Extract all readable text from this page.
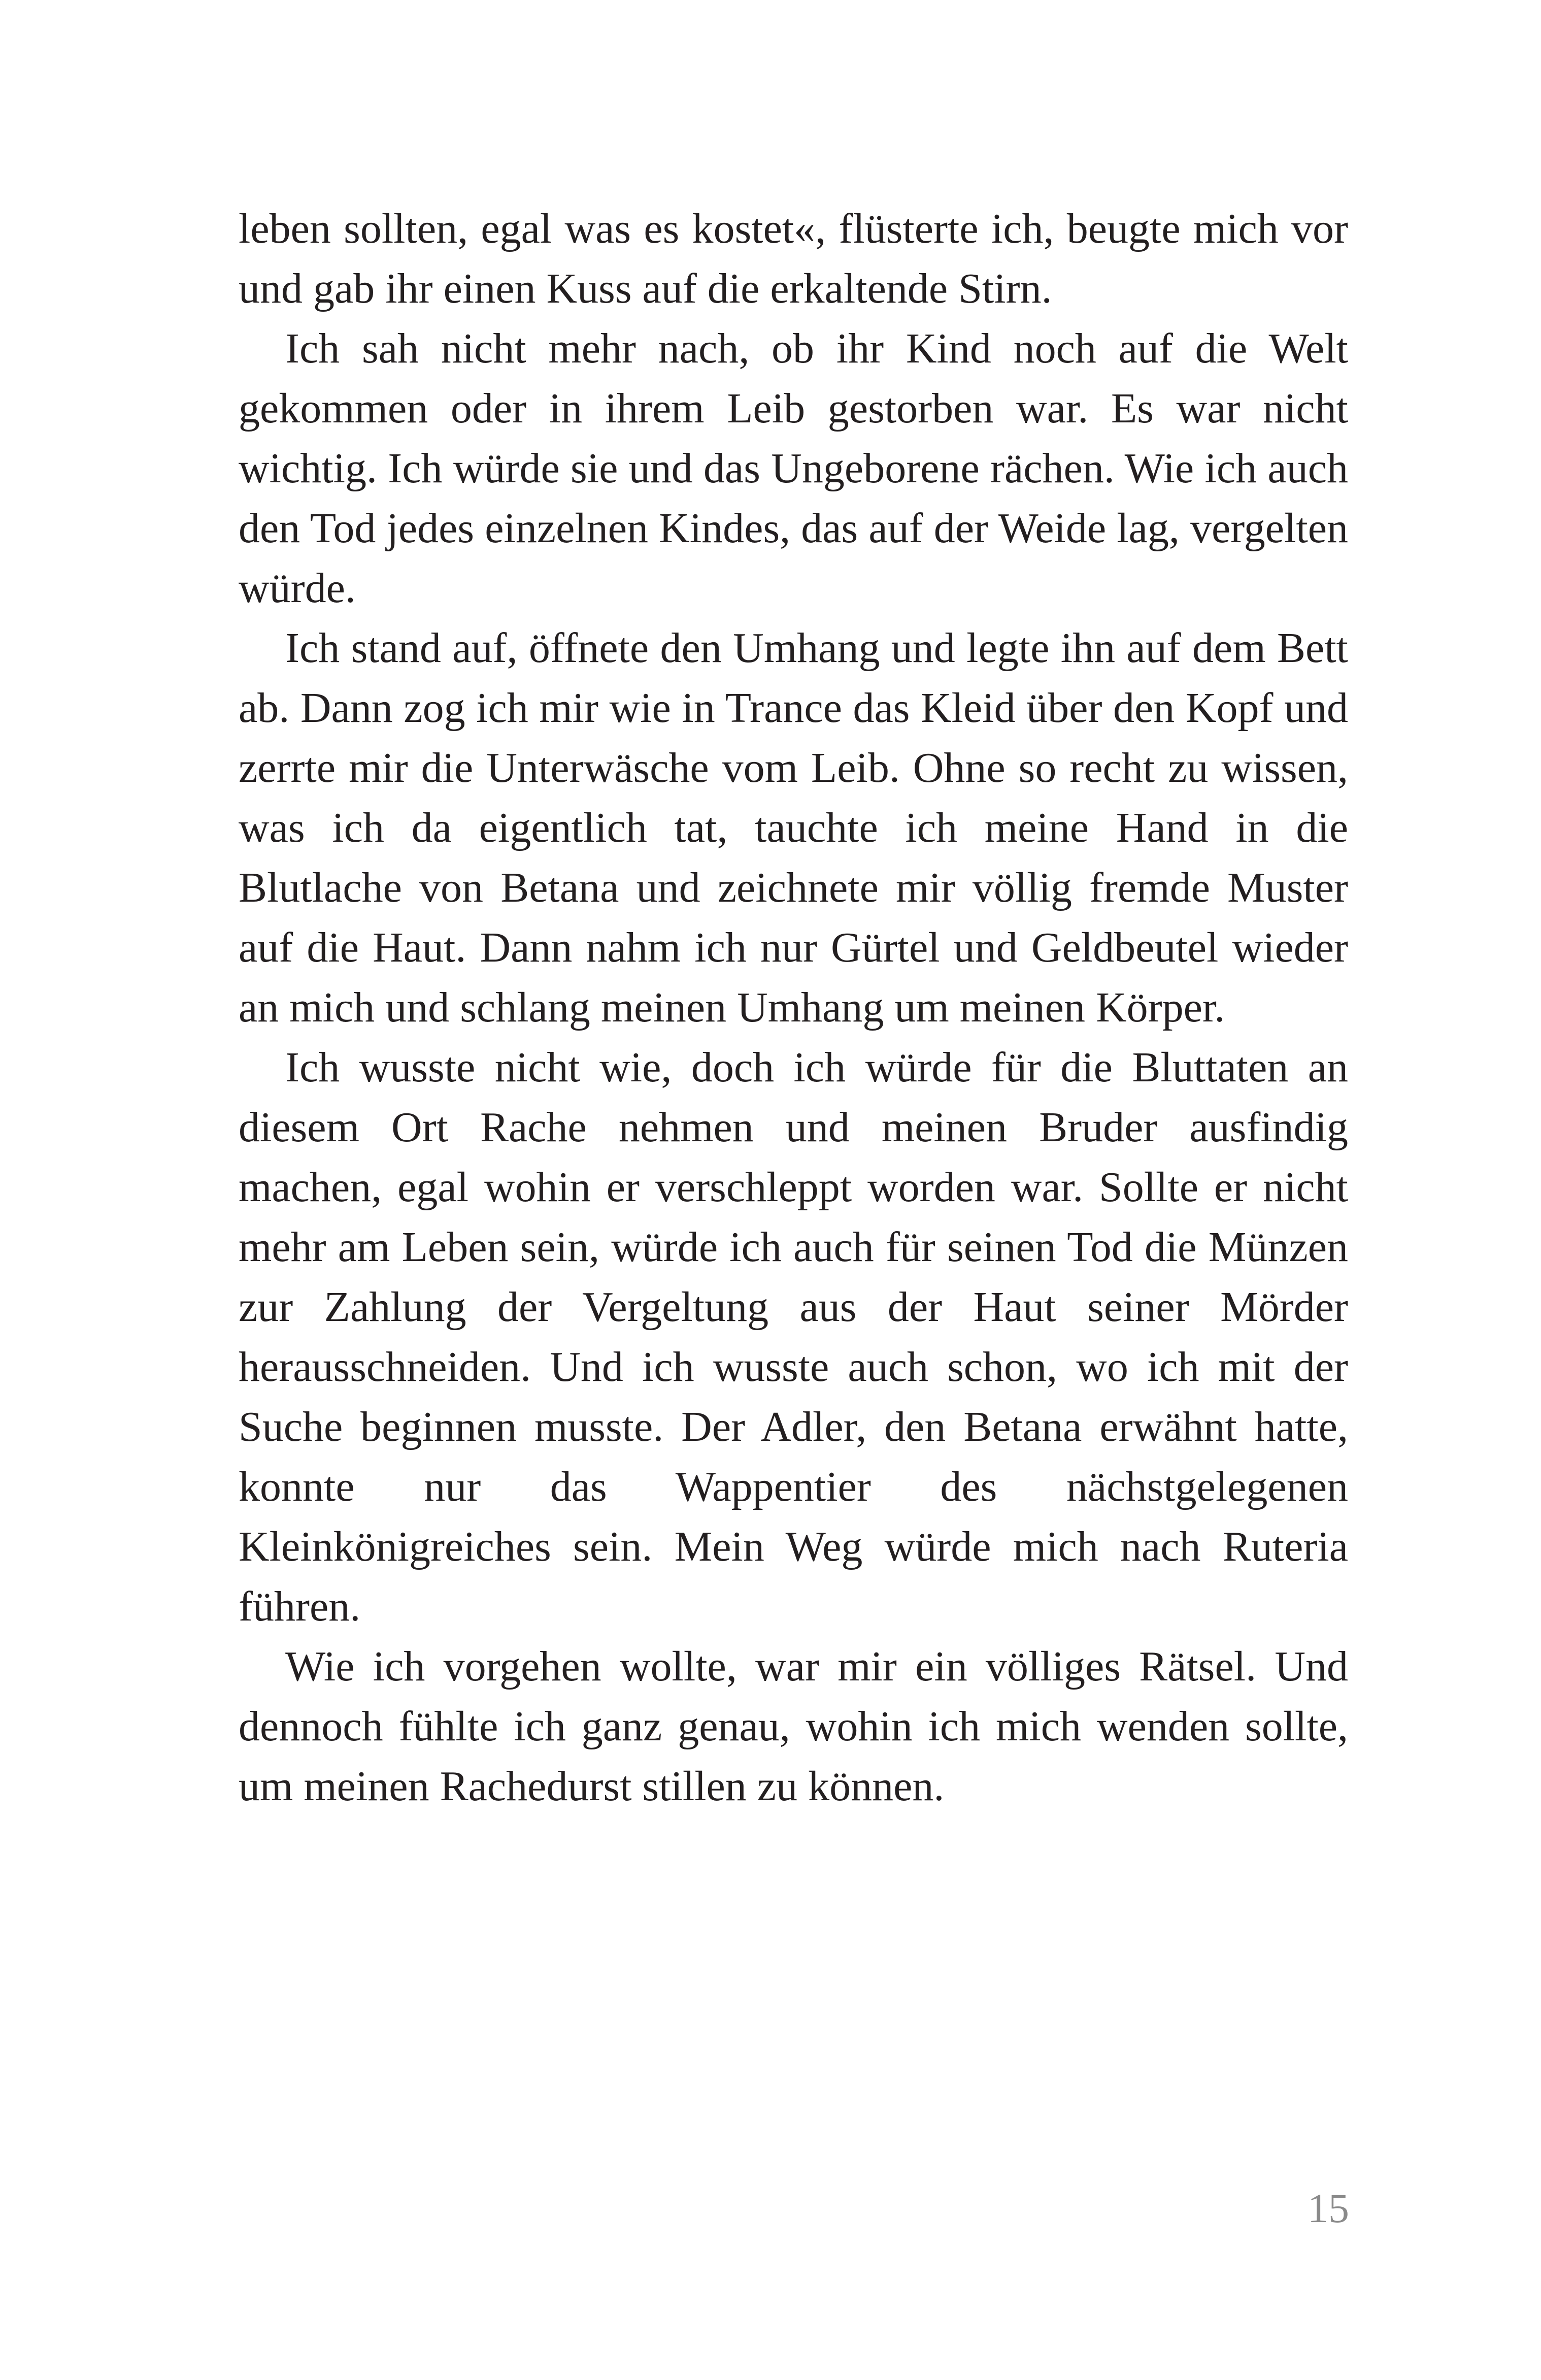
leben sollten, egal was es kostet«, flüsterte ich, beugte mich vor und gab ihr einen Kuss auf die erkaltende Stirn.

Ich sah nicht mehr nach, ob ihr Kind noch auf die Welt gekommen oder in ihrem Leib gestorben war. Es war nicht wichtig. Ich würde sie und das Ungeborene rächen. Wie ich auch den Tod jedes einzelnen Kindes, das auf der Weide lag, vergelten würde.

Ich stand auf, öffnete den Umhang und legte ihn auf dem Bett ab. Dann zog ich mir wie in Trance das Kleid über den Kopf und zerrte mir die Unterwäsche vom Leib. Ohne so recht zu wissen, was ich da eigentlich tat, tauchte ich meine Hand in die Blutlache von Betana und zeichnete mir völlig fremde Muster auf die Haut. Dann nahm ich nur Gürtel und Geldbeutel wieder an mich und schlang meinen Umhang um meinen Körper.

Ich wusste nicht wie, doch ich würde für die Bluttaten an diesem Ort Rache nehmen und meinen Bruder ausfindig machen, egal wohin er verschleppt worden war. Sollte er nicht mehr am Leben sein, würde ich auch für seinen Tod die Münzen zur Zahlung der Vergeltung aus der Haut seiner Mörder herausschneiden. Und ich wusste auch schon, wo ich mit der Suche beginnen musste. Der Adler, den Betana erwähnt hatte, konnte nur das Wappentier des nächstgelegenen Kleinkönigreiches sein. Mein Weg würde mich nach Ruteria führen.

Wie ich vorgehen wollte, war mir ein völliges Rätsel. Und dennoch fühlte ich ganz genau, wohin ich mich wenden sollte, um meinen Rachedurst stillen zu können.

15
